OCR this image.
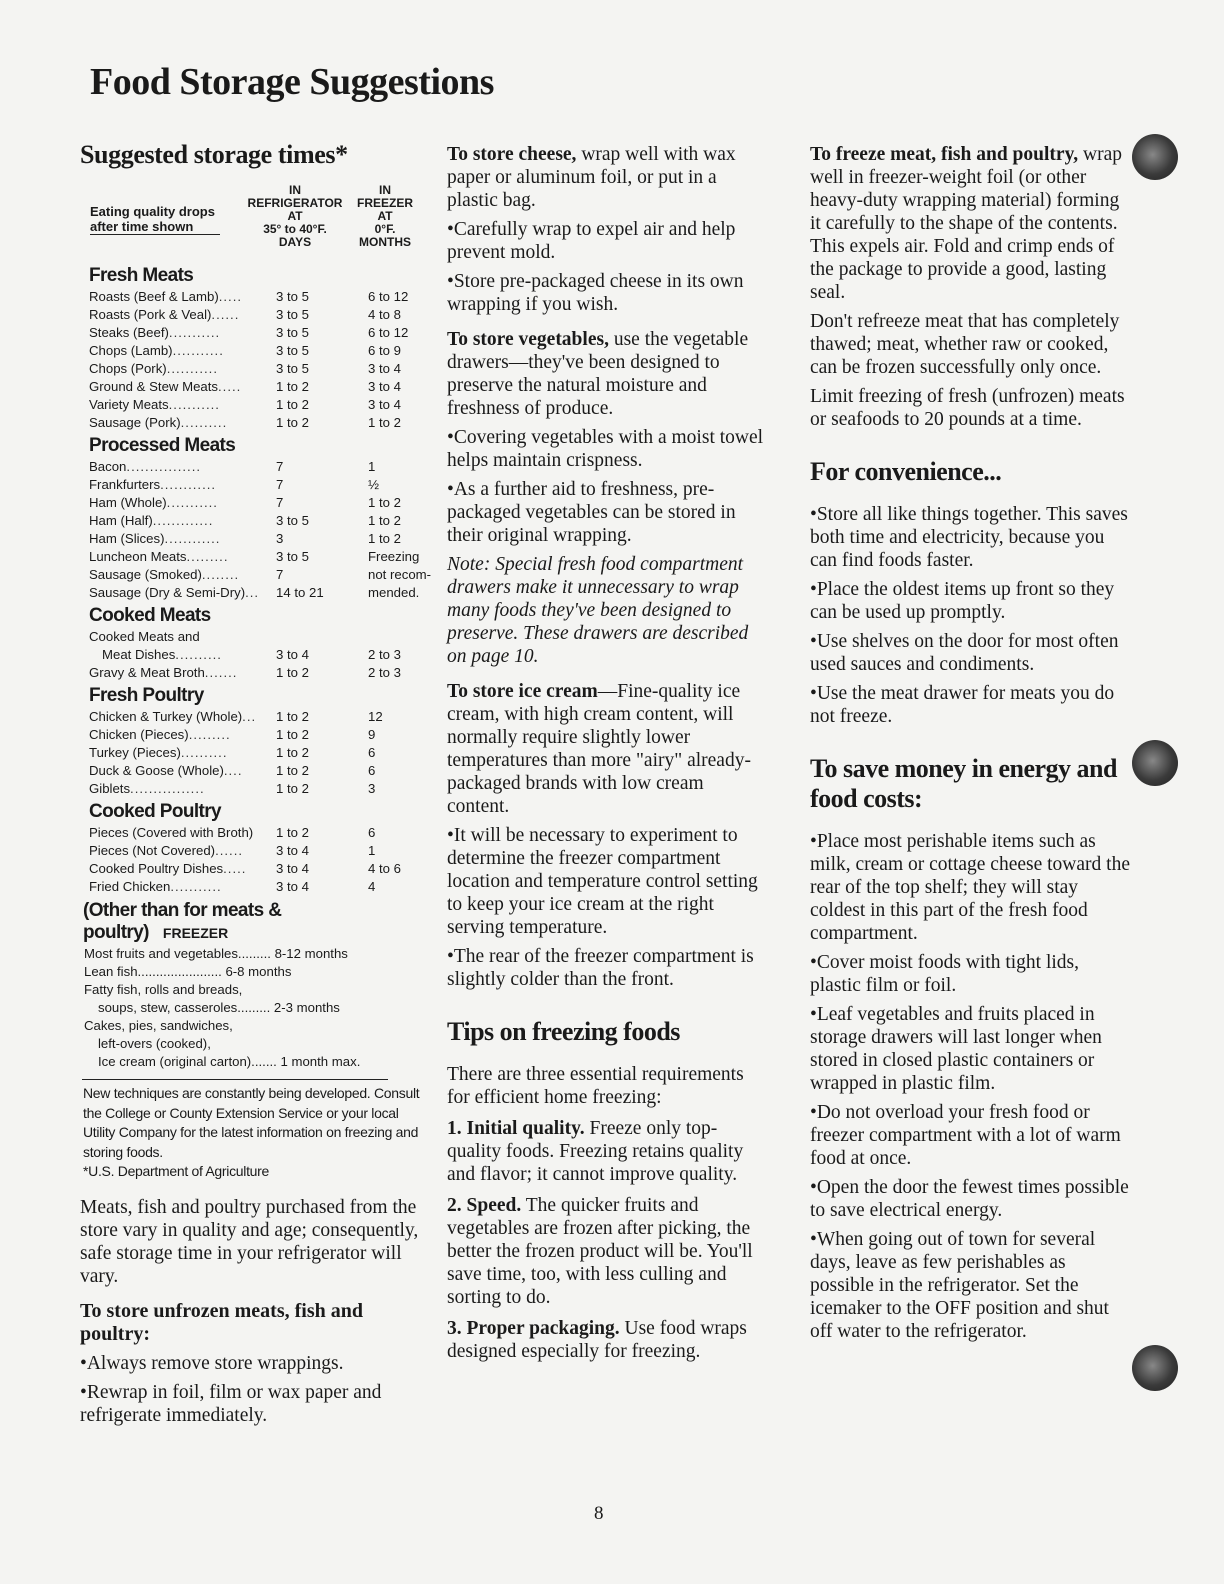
Food Storage Suggestions
Suggested storage times*
Eating quality drops after time shown
IN
REFRIGERATOR
AT
35° to 40°F.
DAYS
IN
FREEZER
AT
0°F.
MONTHS
Fresh Meats
Roasts (Beef & Lamb).....	3 to 5	6 to 12
Roasts (Pork & Veal)......	3 to 5	4 to 8
Steaks (Beef)...........	3 to 5	6 to 12
Chops (Lamb)...........	3 to 5	6 to 9
Chops (Pork)...........	3 to 5	3 to 4
Ground & Stew Meats.....	1 to 2	3 to 4
Variety Meats...........	1 to 2	3 to 4
Sausage (Pork)..........	1 to 2	1 to 2
Processed Meats
Bacon................	7	1
Frankfurters............	7	½
Ham (Whole)...........	7	1 to 2
Ham (Half).............	3 to 5	1 to 2
Ham (Slices)............	3	1 to 2
Luncheon Meats.........	3 to 5	Freezing
Sausage (Smoked)........	7	not recom-
Sausage (Dry & Semi-Dry)... 14 to 21	mended.
Cooked Meats
Cooked Meats and
Meat Dishes..........	3 to 4	2 to 3
Gravy & Meat Broth.......	1 to 2	2 to 3
Fresh Poultry
Chicken & Turkey (Whole)... 1 to 2	12
Chicken (Pieces).........	1 to 2	9
Turkey (Pieces)..........	1 to 2	6
Duck & Goose (Whole)....	1 to 2	6
Giblets................	1 to 2	3
Cooked Poultry
Pieces (Covered with Broth) 1 to 2	6
Pieces (Not Covered)...... 3 to 4	1
Cooked Poultry Dishes..... 3 to 4	4 to 6
Fried Chicken...........	3 to 4	4
(Other than for meats & poultry) FREEZER
Most fruits and vegetables......... 8-12 months
Lean fish....................... 6-8 months
Fatty fish, rolls and breads,
soups, stew, casseroles......... 2-3 months
Cakes, pies, sandwiches,
left-overs (cooked),
Ice cream (original carton)....... 1 month max.
New techniques are constantly being developed. Consult the College or County Extension Service or your local Utility Company for the latest information on freezing and storing foods.
*U.S. Department of Agriculture

Meats, fish and poultry purchased from the store vary in quality and age; consequently, safe storage time in your refrigerator will vary.

To store unfrozen meats, fish and poultry:

• Always remove store wrappings.

• Rewrap in foil, film or wax paper and refrigerate immediately.

To store cheese, wrap well with wax paper or aluminum foil, or put in a plastic bag.

• Carefully wrap to expel air and help prevent mold.

• Store pre-packaged cheese in its own wrapping if you wish.

To store vegetables, use the vegetable drawers—they've been designed to preserve the natural moisture and freshness of produce.

• Covering vegetables with a moist towel helps maintain crispness.

• As a further aid to freshness, pre-packaged vegetables can be stored in their original wrapping.

Note: Special fresh food compartment drawers make it unnecessary to wrap many foods they've been designed to preserve. These drawers are described on page 10.

To store ice cream—Fine-quality ice cream, with high cream content, will normally require slightly lower temperatures than more "airy" already-packaged brands with low cream content.

• It will be necessary to experiment to determine the freezer compartment location and temperature control setting to keep your ice cream at the right serving temperature.

• The rear of the freezer compartment is slightly colder than the front.

Tips on freezing foods

There are three essential requirements for efficient home freezing:

1. Initial quality. Freeze only top-quality foods. Freezing retains quality and flavor; it cannot improve quality.

2. Speed. The quicker fruits and vegetables are frozen after picking, the better the frozen product will be. You'll save time, too, with less culling and sorting to do.

3. Proper packaging. Use food wraps designed especially for freezing.

To freeze meat, fish and poultry, wrap well in freezer-weight foil (or other heavy-duty wrapping material) forming it carefully to the shape of the contents. This expels air. Fold and crimp ends of the package to provide a good, lasting seal.

Don't refreeze meat that has completely thawed; meat, whether raw or cooked, can be frozen successfully only once.

Limit freezing of fresh (unfrozen) meats or seafoods to 20 pounds at a time.

For convenience...

• Store all like things together. This saves both time and electricity, because you can find foods faster.

• Place the oldest items up front so they can be used up promptly.

• Use shelves on the door for most often used sauces and condiments.

• Use the meat drawer for meats you do not freeze.

To save money in energy and food costs:

• Place most perishable items such as milk, cream or cottage cheese toward the rear of the top shelf; they will stay coldest in this part of the fresh food compartment.

• Cover moist foods with tight lids, plastic film or foil.

• Leaf vegetables and fruits placed in storage drawers will last longer when stored in closed plastic containers or wrapped in plastic film.

• Do not overload your fresh food or freezer compartment with a lot of warm food at once.

• Open the door the fewest times possible to save electrical energy.

• When going out of town for several days, leave as few perishables as possible in the refrigerator. Set the icemaker to the OFF position and shut off water to the refrigerator.

8
